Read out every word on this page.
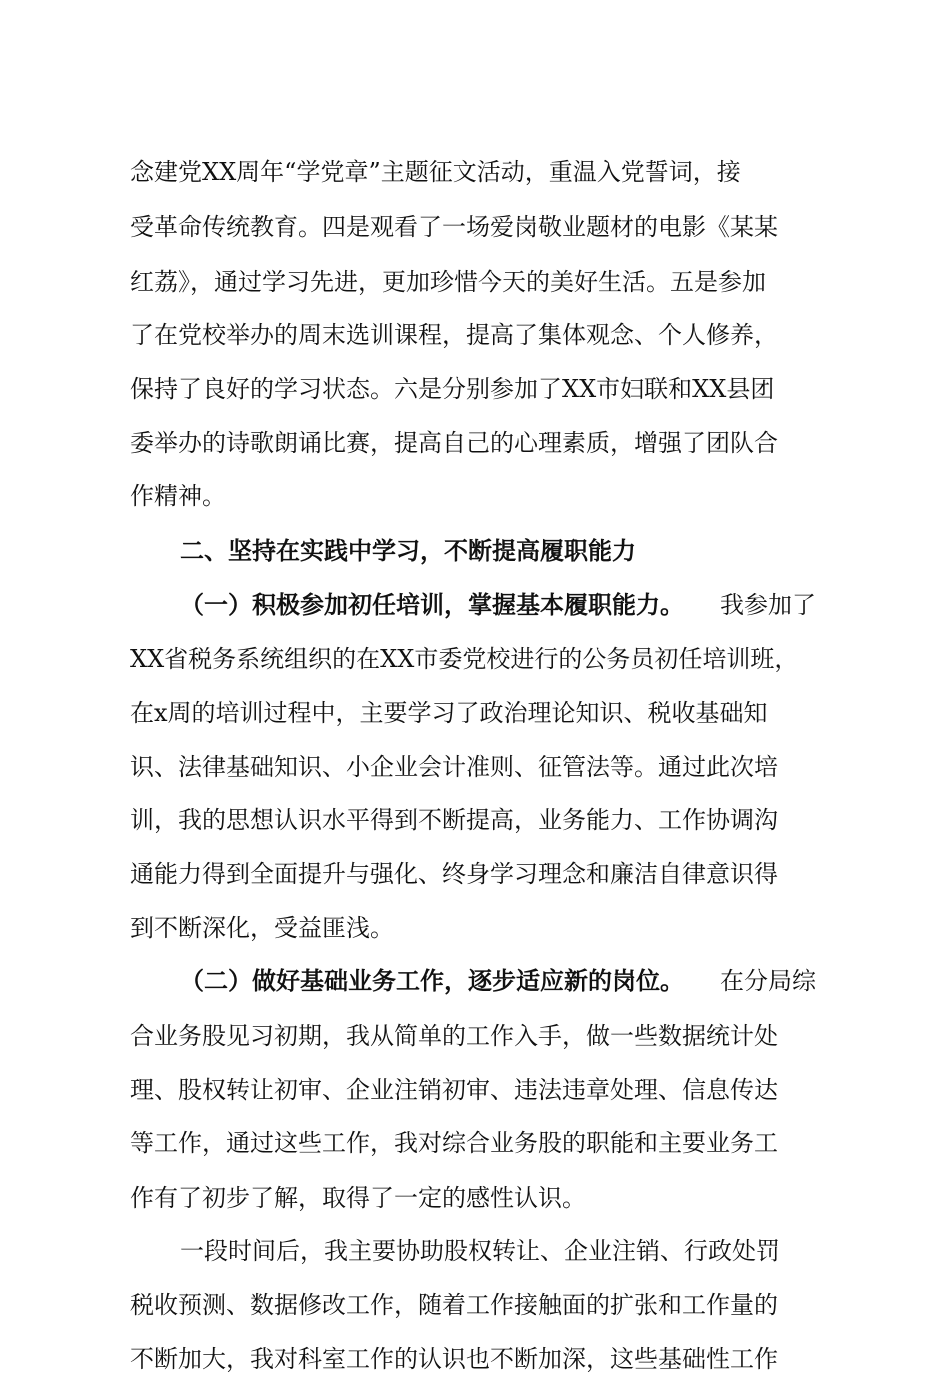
念建党XX周年“学党章”主题征文活动，重温入党誓词，接
受革命传统教育。四是观看了一场爱岗敬业题材的电影《某某
红荔》，通过学习先进，更加珍惜今天的美好生活。五是参加
了在党校举办的周末选训课程，提高了集体观念、个人修养，
保持了良好的学习状态。六是分别参加了XX市妇联和XX县团
委举办的诗歌朗诵比赛，提高自己的心理素质，增强了团队合
作精神。
二、坚持在实践中学习，不断提高履职能力
（一）积极参加初任培训，掌握基本履职能力。 我参加了
XX省税务系统组织的在XX市委党校进行的公务员初任培训班，
在x周的培训过程中，主要学习了政治理论知识、税收基础知
识、法律基础知识、小企业会计准则、征管法等。通过此次培
训，我的思想认识水平得到不断提高，业务能力、工作协调沟
通能力得到全面提升与强化、终身学习理念和廉洁自律意识得
到不断深化，受益匪浅。
（二）做好基础业务工作，逐步适应新的岗位。 在分局综
合业务股见习初期，我从简单的工作入手，做一些数据统计处
理、股权转让初审、企业注销初审、违法违章处理、信息传达
等工作，通过这些工作，我对综合业务股的职能和主要业务工
作有了初步了解，取得了一定的感性认识。
一段时间后，我主要协助股权转让、企业注销、行政处罚
税收预测、数据修改工作，随着工作接触面的扩张和工作量的
不断加大，我对科室工作的认识也不断加深，这些基础性工作
